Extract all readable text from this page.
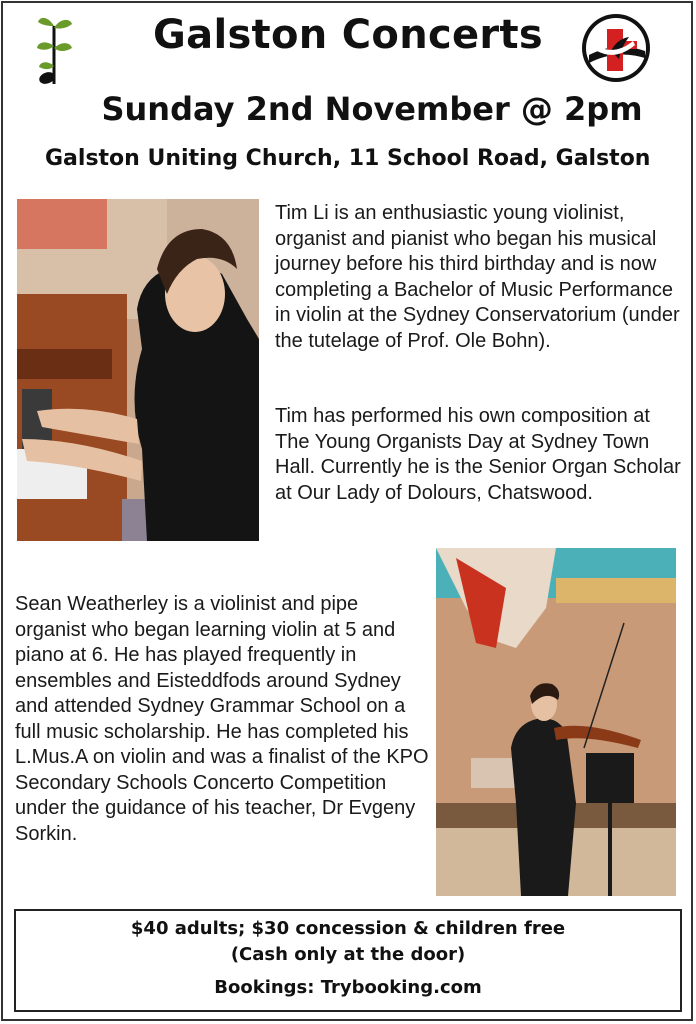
Galston Concerts
Sunday 2nd November @ 2pm
Galston Uniting Church, 11 School Road, Galston

Tim Li is an enthusiastic young violinist, organist and pianist who began his musical journey before his third birthday and is now completing a Bachelor of Music Performance in violin at the Sydney Conservatorium (under the tutelage of Prof. Ole Bohn).

Tim has performed his own composition at The Young Organists Day at Sydney Town Hall. Currently he is the Senior Organ Scholar at Our Lady of Dolours, Chatswood.

Sean Weatherley is a violinist and pipe organist who began learning violin at 5 and piano at 6. He has played frequently in ensembles and Eisteddfods around Sydney and attended Sydney Grammar School on a full music scholarship. He has completed his L.Mus.A on violin and was a finalist of the KPO Secondary Schools Concerto Competition under the guidance of his teacher, Dr Evgeny Sorkin.

$40 adults; $30 concession & children free
(Cash only at the door)
Bookings: Trybooking.com
